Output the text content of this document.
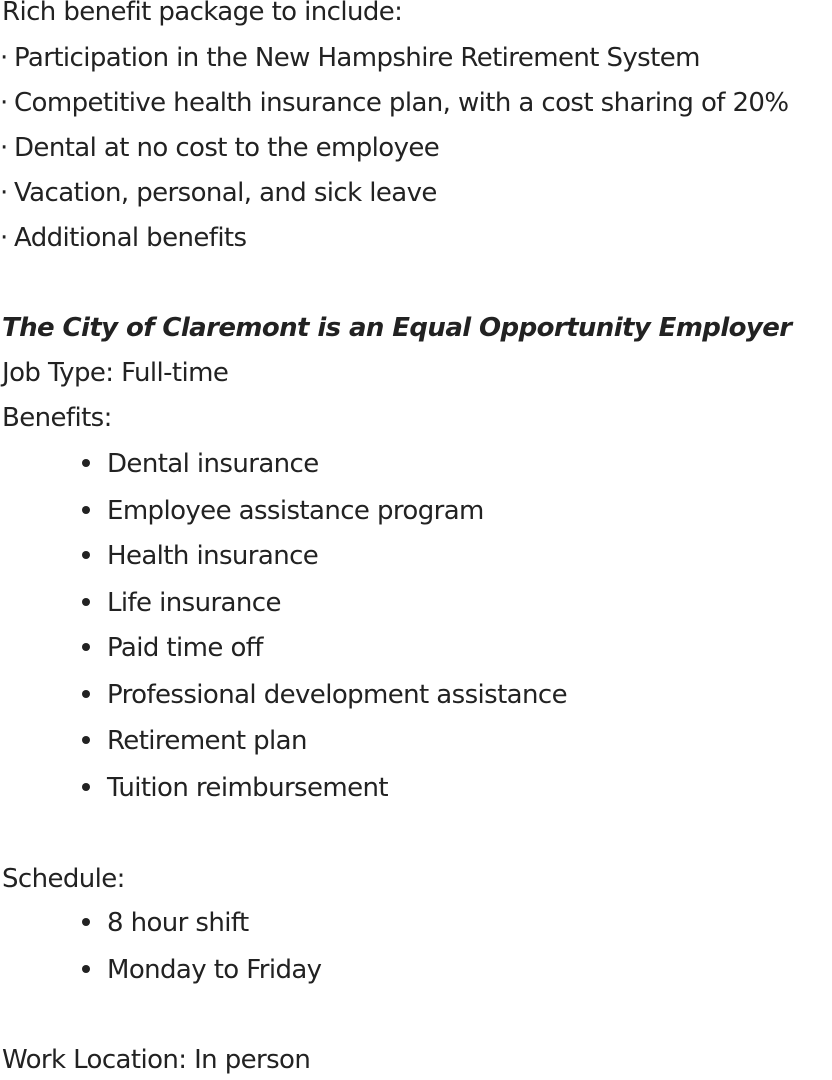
Rich benefit package to include:
· Participation in the New Hampshire Retirement System
· Competitive health insurance plan, with a cost sharing of 20%
· Dental at no cost to the employee
· Vacation, personal, and sick leave
· Additional benefits
The City of Claremont is an Equal Opportunity Employer
Job Type: Full-time
Benefits:
Dental insurance
Employee assistance program
Health insurance
Life insurance
Paid time off
Professional development assistance
Retirement plan
Tuition reimbursement
Schedule:
8 hour shift
Monday to Friday
Work Location: In person
